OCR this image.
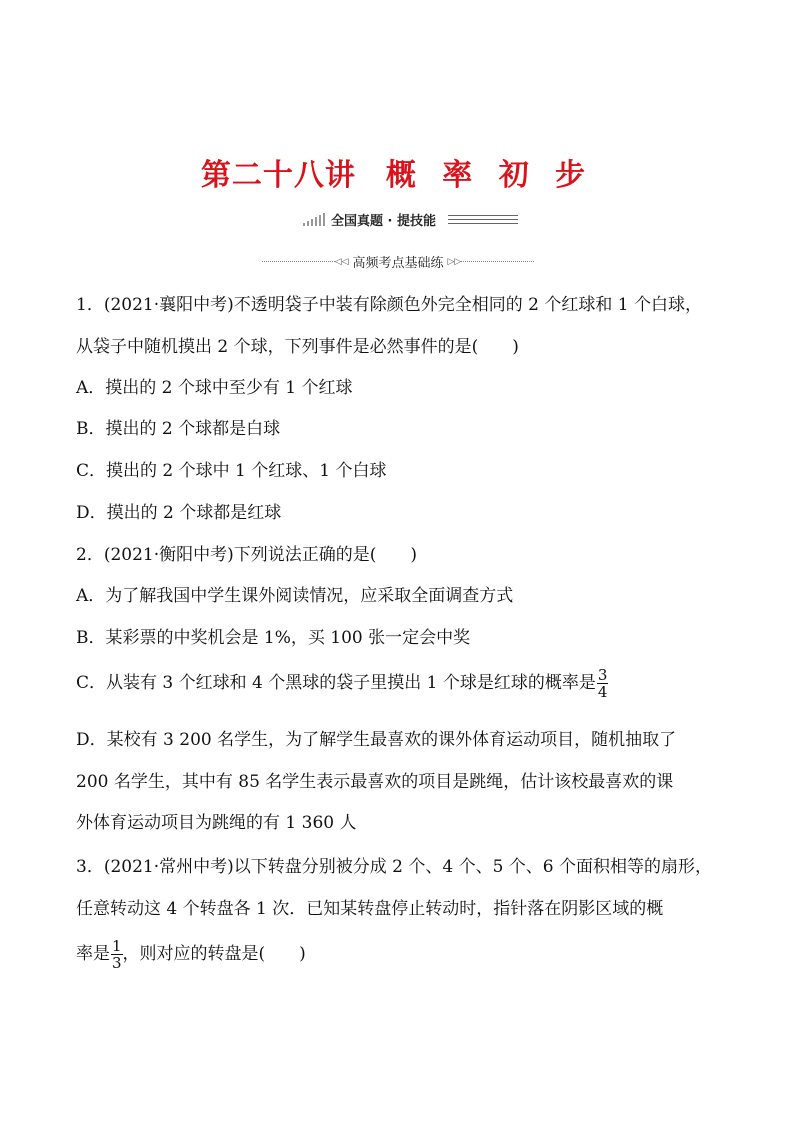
第二十八讲 概 率 初 步
全国真题 · 提技能
◁◁ 高频考点基础练 ▷▷
1．(2021·襄阳中考)不透明袋子中装有除颜色外完全相同的 2 个红球和 1 个白球，
从袋子中随机摸出 2 个球，下列事件是必然事件的是(　　)
A．摸出的 2 个球中至少有 1 个红球
B．摸出的 2 个球都是白球
C．摸出的 2 个球中 1 个红球、1 个白球
D．摸出的 2 个球都是红球
2．(2021·衡阳中考)下列说法正确的是(　　)
A．为了解我国中学生课外阅读情况，应采取全面调查方式
B．某彩票的中奖机会是 1%，买 100 张一定会中奖
C．从装有 3 个红球和 4 个黑球的袋子里摸出 1 个球是红球的概率是 $\frac{3}{4}$
D．某校有 3 200 名学生，为了解学生最喜欢的课外体育运动项目，随机抽取了
200 名学生，其中有 85 名学生表示最喜欢的项目是跳绳，估计该校最喜欢的课
外体育运动项目为跳绳的有 1 360 人
3．(2021·常州中考)以下转盘分别被分成 2 个、4 个、5 个、6 个面积相等的扇形，
任意转动这 4 个转盘各 1 次．已知某转盘停止转动时，指针落在阴影区域的概
率是 $\frac{1}{3}$ ，则对应的转盘是(　　)
